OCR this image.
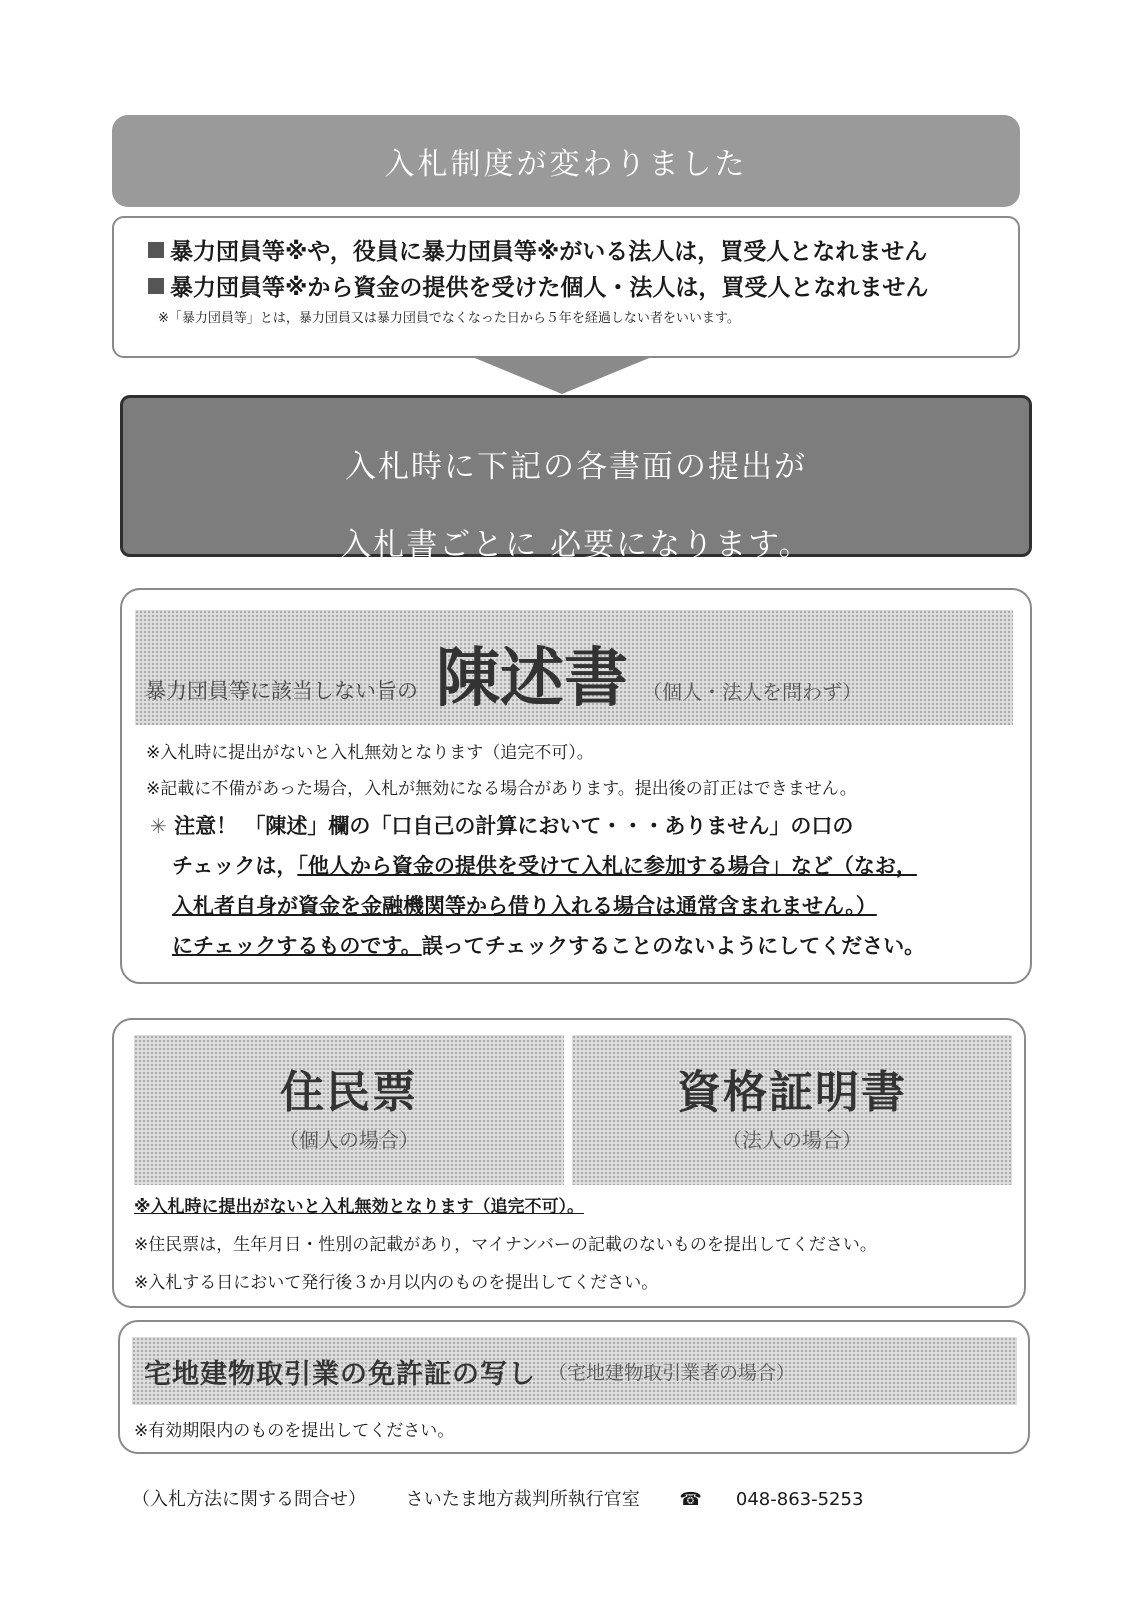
入札制度が変わりました
暴力団員等※や，役員に暴力団員等※がいる法人は，買受人となれません
暴力団員等※から資金の提供を受けた個人・法人は，買受人となれません
※「暴力団員等」とは，暴力団員又は暴力団員でなくなった日から５年を経過しない者をいいます。
入札時に下記の各書面の提出が
入札書ごとに 必要になります。
暴力団員等に該当しない旨の 陳述書 （個人・法人を問わず）
※入札時に提出がないと入札無効となります（追完不可）。
※記載に不備があった場合，入札が無効になる場合があります。提出後の訂正はできません。
✳ 注意！ 「陳述」欄の「口自己の計算において・・・ありません」の口の
チェックは，「他人から資金の提供を受けて入札に参加する場合」など（なお，
入札者自身が資金を金融機関等から借り入れる場合は通常含まれません。）
にチェックするものです。誤ってチェックすることのないようにしてください。
住民票
（個人の場合）
資格証明書
（法人の場合）
※入札時に提出がないと入札無効となります（追完不可）。
※住民票は，生年月日・性別の記載があり，マイナンバーの記載のないものを提出してください。
※入札する日において発行後３か月以内のものを提出してください。
宅地建物取引業の免許証の写し （宅地建物取引業者の場合）
※有効期限内のものを提出してください。
（入札方法に関する問合せ） さいたま地方裁判所執行官室 ☎ 048-863-5253
